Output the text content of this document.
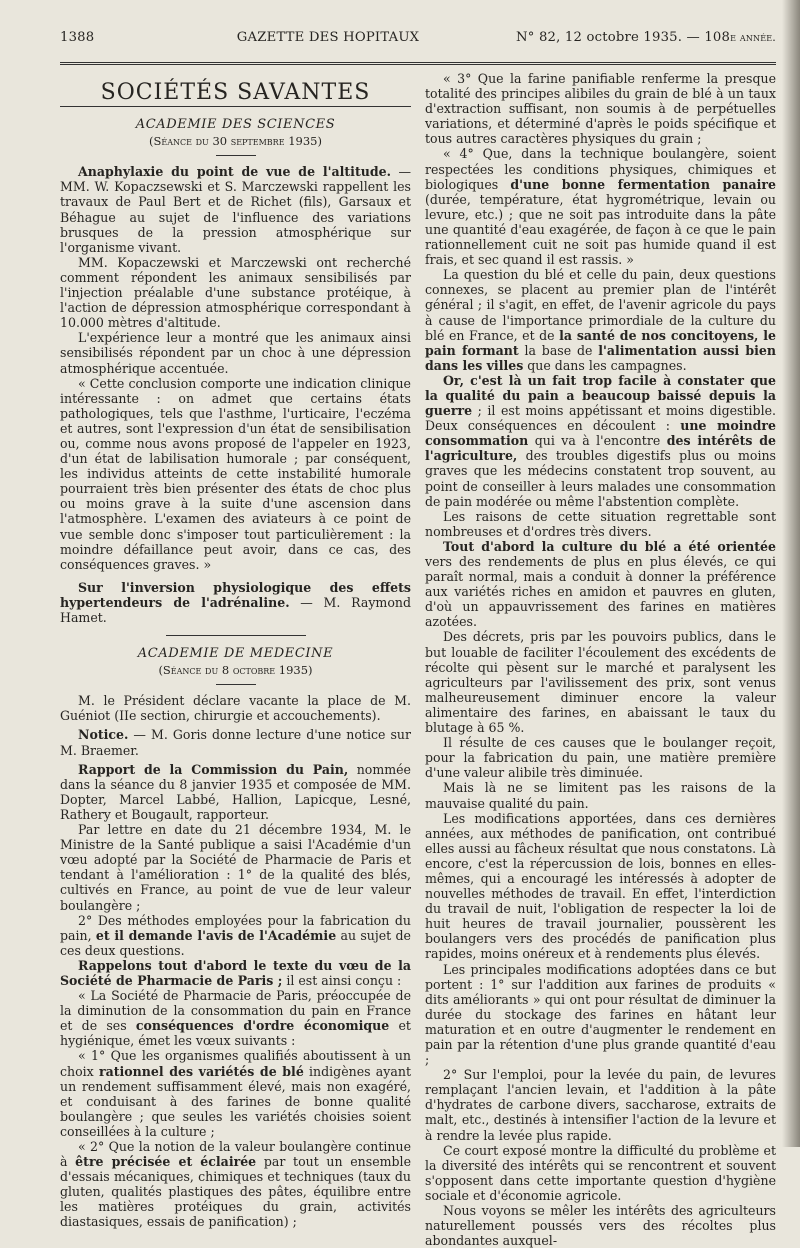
1388	GAZETTE DES HOPITAUX	N° 82, 12 octobre 1935. — 108e année.
SOCIÉTÉS SAVANTES
ACADEMIE DES SCIENCES
(Séance du 30 septembre 1935)

Anaphylaxie du point de vue de l'altitude. — MM. W. Kopaczsewski et S. Marczewski rappellent les travaux de Paul Bert et de Richet (fils), Garsaux et Béhague au sujet de l'influence des variations brusques de la pression atmosphérique sur l'organisme vivant.

MM. Kopaczewski et Marczewski ont recherché comment répondent les animaux sensibilisés par l'injection préalable d'une substance protéique, à l'action de dépression atmosphérique correspondant à 10.000 mètres d'altitude.

L'expérience leur a montré que les animaux ainsi sensibilisés répondent par un choc à une dépression atmosphérique accentuée.

« Cette conclusion comporte une indication clinique intéressante : on admet que certains états pathologiques, tels que l'asthme, l'urticaire, l'eczéma et autres, sont l'expression d'un état de sensibilisation ou, comme nous avons proposé de l'appeler en 1923, d'un état de labilisation humorale ; par conséquent, les individus atteints de cette instabilité humorale pourraient très bien présenter des états de choc plus ou moins grave à la suite d'une ascension dans l'atmosphère. L'examen des aviateurs à ce point de vue semble donc s'imposer tout particulièrement : la moindre défaillance peut avoir, dans ce cas, des conséquences graves. »

Sur l'inversion physiologique des effets hypertendeurs de l'adrénaline. — M. Raymond Hamet.

ACADEMIE DE MEDECINE
(Séance du 8 octobre 1935)

M. le Président déclare vacante la place de M. Guéniot (IIe section, chirurgie et accouchements).

Notice. — M. Goris donne lecture d'une notice sur M. Braemer.

Rapport de la Commission du Pain, nommée dans la séance du 8 janvier 1935 et composée de MM. Dopter, Marcel Labbé, Hallion, Lapicque, Lesné, Rathery et Bougault, rapporteur.

Par lettre en date du 21 décembre 1934, M. le Ministre de la Santé publique a saisi l'Académie d'un vœu adopté par la Société de Pharmacie de Paris et tendant à l'amélioration : 1° de la qualité des blés, cultivés en France, au point de vue de leur valeur boulangère ;

2° Des méthodes employées pour la fabrication du pain, et il demande l'avis de l'Académie au sujet de ces deux questions.

Rappelons tout d'abord le texte du vœu de la Société de Pharmacie de Paris ; il est ainsi conçu :

« La Société de Pharmacie de Paris, préoccupée de la diminution de la consommation du pain en France et de ses conséquences d'ordre économique et hygiénique, émet les vœux suivants :

« 1° Que les organismes qualifiés aboutissent à un choix rationnel des variétés de blé indigènes ayant un rendement suffisamment élevé, mais non exagéré, et conduisant à des farines de bonne qualité boulangère ; que seules les variétés choisies soient conseillées à la culture ;

« 2° Que la notion de la valeur boulangère continue à être précisée et éclairée par tout un ensemble d'essais mécaniques, chimiques et techniques (taux du gluten, qualités plastiques des pâtes, équilibre entre les matières protéiques du grain, activités diastasiques, essais de panification) ;

« 3° Que la farine panifiable renferme la presque totalité des principes alibiles du grain de blé à un taux d'extraction suffisant, non soumis à de perpétuelles variations, et déterminé d'après le poids spécifique et tous autres caractères physiques du grain ;

« 4° Que, dans la technique boulangère, soient respectées les conditions physiques, chimiques et biologiques d'une bonne fermentation panaire (durée, température, état hygrométrique, levain ou levure, etc.) ; que ne soit pas introduite dans la pâte une quantité d'eau exagérée, de façon à ce que le pain rationnellement cuit ne soit pas humide quand il est frais, et sec quand il est rassis. »

La question du blé et celle du pain, deux questions connexes, se placent au premier plan de l'intérêt général ; il s'agit, en effet, de l'avenir agricole du pays à cause de l'importance primordiale de la culture du blé en France, et de la santé de nos concitoyens, le pain formant la base de l'alimentation aussi bien dans les villes que dans les campagnes.

Or, c'est là un fait trop facile à constater que la qualité du pain a beaucoup baissé depuis la guerre ; il est moins appétissant et moins digestible. Deux conséquences en découlent : une moindre consommation qui va à l'encontre des intérêts de l'agriculture, des troubles digestifs plus ou moins graves que les médecins constatent trop souvent, au point de conseiller à leurs malades une consommation de pain modérée ou même l'abstention complète.

Les raisons de cette situation regrettable sont nombreuses et d'ordres très divers.

Tout d'abord la culture du blé a été orientée vers des rendements de plus en plus élevés, ce qui paraît normal, mais a conduit à donner la préférence aux variétés riches en amidon et pauvres en gluten, d'où un appauvrissement des farines en matières azotées.

Des décrets, pris par les pouvoirs publics, dans le but louable de faciliter l'écoulement des excédents de récolte qui pèsent sur le marché et paralysent les agriculteurs par l'avilissement des prix, sont venus malheureusement diminuer encore la valeur alimentaire des farines, en abaissant le taux du blutage à 65 %.

Il résulte de ces causes que le boulanger reçoit, pour la fabrication du pain, une matière première d'une valeur alibile très diminuée.

Mais là ne se limitent pas les raisons de la mauvaise qualité du pain.

Les modifications apportées, dans ces dernières années, aux méthodes de panification, ont contribué elles aussi au fâcheux résultat que nous constatons. Là encore, c'est la répercussion de lois, bonnes en elles-mêmes, qui a encouragé les intéressés à adopter de nouvelles méthodes de travail. En effet, l'interdiction du travail de nuit, l'obligation de respecter la loi de huit heures de travail journalier, poussèrent les boulangers vers des procédés de panification plus rapides, moins onéreux et à rendements plus élevés.

Les principales modifications adoptées dans ce but portent : 1° sur l'addition aux farines de produits « dits améliorants » qui ont pour résultat de diminuer la durée du stockage des farines en hâtant leur maturation et en outre d'augmenter le rendement en pain par la rétention d'une plus grande quantité d'eau ;

2° Sur l'emploi, pour la levée du pain, de levures remplaçant l'ancien levain, et l'addition à la pâte d'hydrates de carbone divers, saccharose, extraits de malt, etc., destinés à intensifier l'action de la levure et à rendre la levée plus rapide.

Ce court exposé montre la difficulté du problème et la diversité des intérêts qui se rencontrent et souvent s'opposent dans cette importante question d'hygiène sociale et d'économie agricole.

Nous voyons se mêler les intérêts des agriculteurs naturellement poussés vers des récoltes plus abondantes auxquel-
